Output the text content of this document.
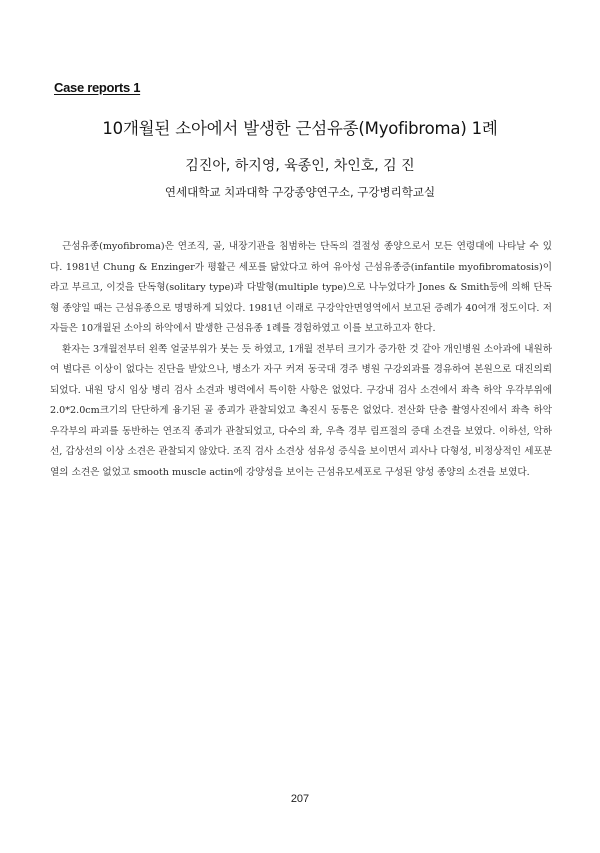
Case reports 1
10개월된 소아에서 발생한 근섬유종(Myofibroma) 1례
김진아, 하지영, 육종인, 차인호, 김 진
연세대학교 치과대학 구강종양연구소, 구강병리학교실

근섬유종(myofibroma)은 연조직, 골, 내장기관을 침범하는 단독의 결절성 종양으로서 모든 연령대에 나타날 수 있다. 1981년 Chung & Enzinger가 평활근 세포를 닮았다고 하여 유아성 근섬유종증(infantile myofibromatosis)이라고 부르고, 이것을 단독형(solitary type)과 다발형(multiple type)으로 나누었다가 Jones & Smith등에 의해 단독형 종양일 때는 근섬유종으로 명명하게 되었다. 1981년 이래로 구강악안면영역에서 보고된 증례가 40여개 정도이다. 저자들은 10개월된 소아의 하악에서 발생한 근섬유종 1례를 경험하였고 이를 보고하고자 한다.

환자는 3개월전부터 왼쪽 얼굴부위가 붓는 듯 하였고, 1개월 전부터 크기가 증가한 것 같아 개인병원 소아과에 내원하여 별다른 이상이 없다는 진단을 받았으나, 병소가 자구 커져 동국대 경주 병원 구강외과를 경유하여 본원으로 대진의뢰되었다. 내원 당시 임상 병리 검사 소견과 병력에서 특이한 사항은 없었다. 구강내 검사 소견에서 좌측 하악 우각부위에 2.0*2.0cm크기의 단단하게 융기된 골 종괴가 관찰되었고 촉진시 동통은 없었다. 전산화 단층 촬영사진에서 좌측 하악 우각부의 파괴를 동반하는 연조직 종괴가 관찰되었고, 다수의 좌, 우측 경부 림프절의 증대 소견을 보였다. 이하선, 악하선, 갑상선의 이상 소견은 관찰되지 않았다. 조직 검사 소견상 섬유성 증식을 보이면서 괴사나 다형성, 비정상적인 세포분열의 소견은 없었고 smooth muscle actin에 강양성을 보이는 근섬유모세포로 구성된 양성 종양의 소견을 보였다.

207
